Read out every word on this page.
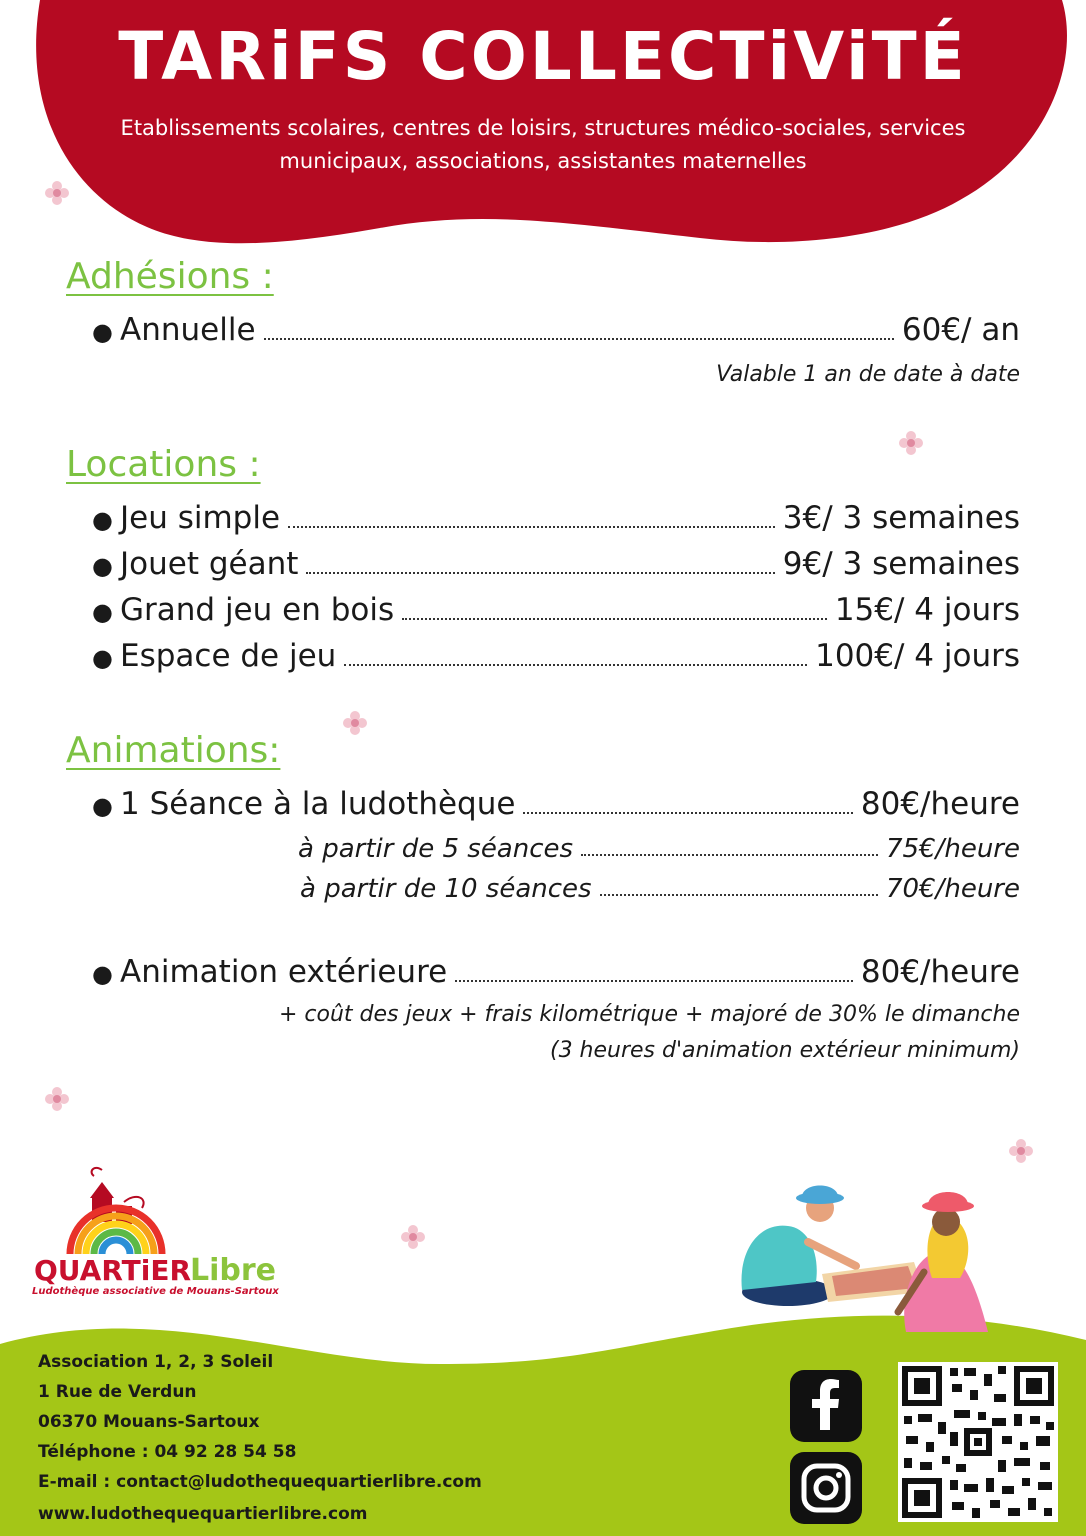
TARiFS COLLECTiViTÉ
Etablissements scolaires, centres de loisirs, structures médico-sociales, services municipaux, associations, assistantes maternelles
Adhésions :
● Annuelle	60€/ an
Valable 1 an de date à date
Locations :
● Jeu simple	3€/ 3 semaines
● Jouet géant	9€/ 3 semaines
● Grand jeu en bois	15€/ 4 jours
● Espace de jeu	100€/ 4 jours
Animations:
● 1 Séance à la ludothèque	80€/heure
à partir de 5 séances	75€/heure
à partir de 10 séances	70€/heure
● Animation extérieure	80€/heure
+ coût des jeux + frais kilométrique + majoré de 30% le dimanche
(3 heures d'animation extérieur minimum)
QUARTiER
Libre
Ludothèque associative de Mouans-Sartoux
Association 1, 2, 3 Soleil
1 Rue de Verdun
06370 Mouans-Sartoux
Téléphone : 04 92 28 54 58
E-mail : contact@ludothequequartierlibre.com
www.ludothequequartierlibre.com
